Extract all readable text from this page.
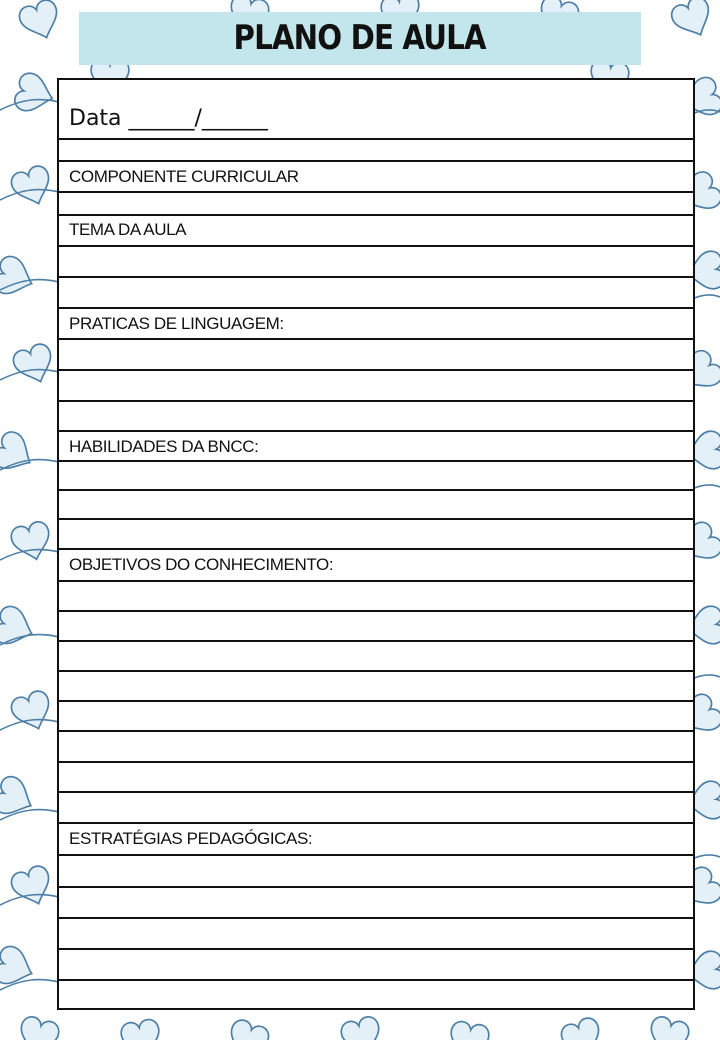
PLANO DE AULA
Data ______/______
COMPONENTE CURRICULAR
TEMA DA AULA
PRATICAS DE LINGUAGEM:
HABILIDADES DA BNCC:
OBJETIVOS DO CONHECIMENTO:
ESTRATÉGIAS PEDAGÓGICAS:
